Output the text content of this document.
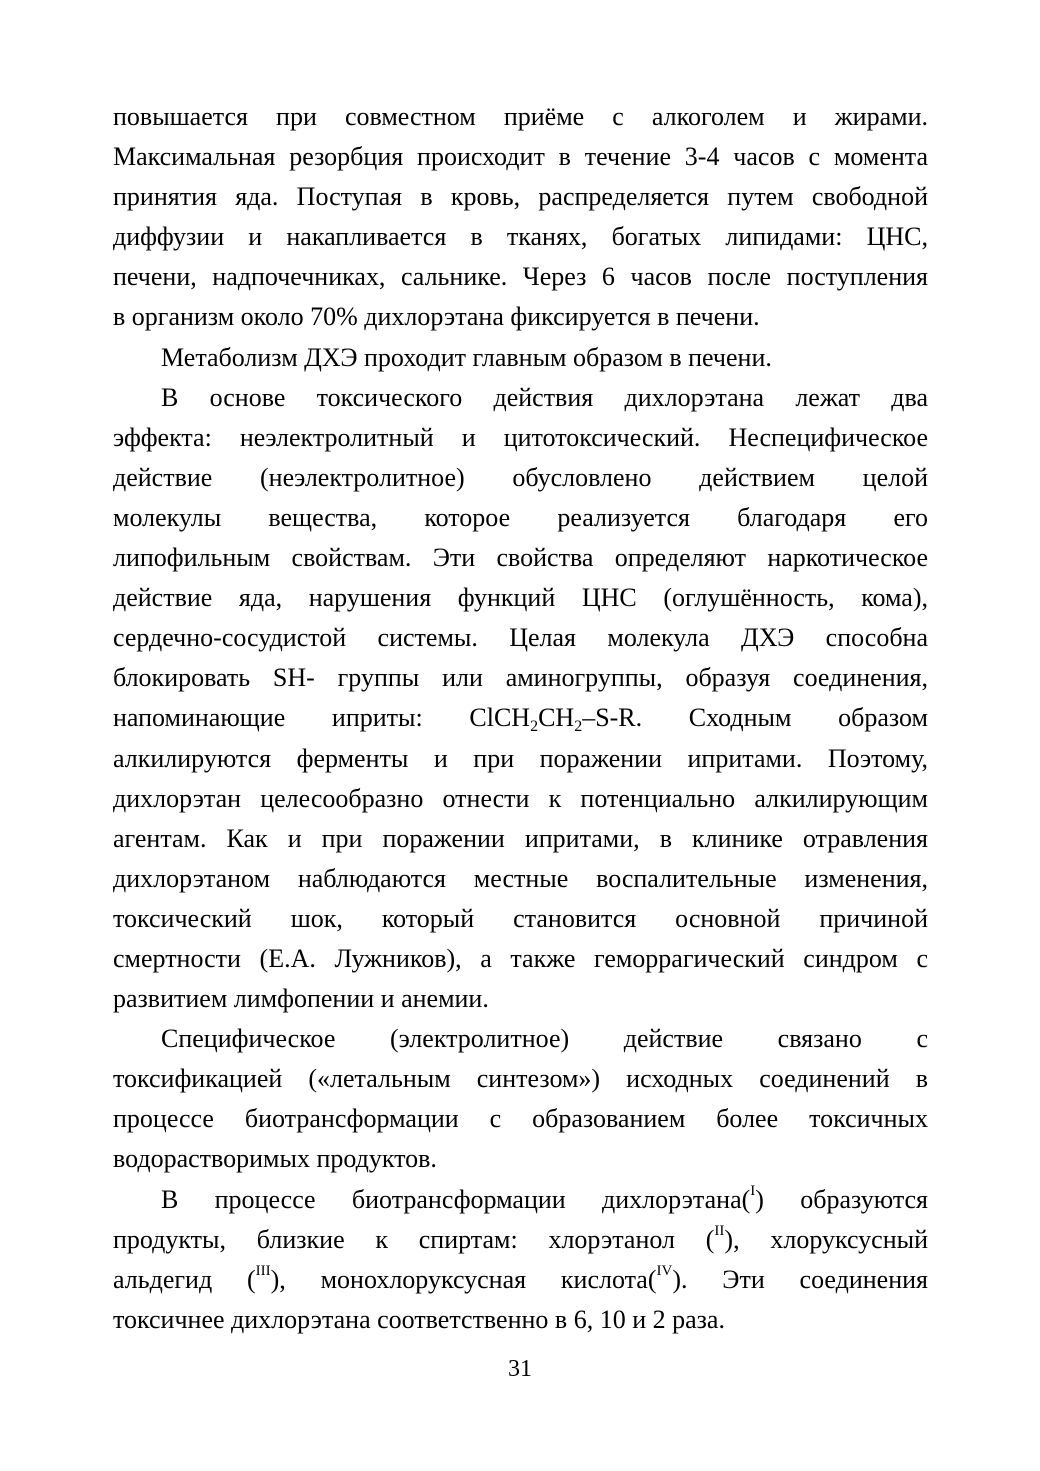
повышается при совместном приёме с алкоголем и жирами.
Максимальная резорбция происходит в течение 3-4 часов с момента
принятия яда. Поступая в кровь, распределяется путем свободной
диффузии и накапливается в тканях, богатых липидами: ЦНС,
печени, надпочечниках, сальнике. Через 6 часов после поступления
в организм около 70% дихлорэтана фиксируется в печени.

Метаболизм ДХЭ проходит главным образом в печени.

В основе токсического действия дихлорэтана лежат два
эффекта: неэлектролитный и цитотоксический. Неспецифическое
действие (неэлектролитное) обусловлено действием целой
молекулы вещества, которое реализуется благодаря его
липофильным свойствам. Эти свойства определяют наркотическое
действие яда, нарушения функций ЦНС (оглушённость, кома),
сердечно-сосудистой системы. Целая молекула ДХЭ способна
блокировать SH- группы или аминогруппы, образуя соединения,
напоминающие иприты: $ClCH_2CH_2-S-R$. Сходным образом
алкилируются ферменты и при поражении ипритами. Поэтому,
дихлорэтан целесообразно отнести к потенциально алкилирующим
агентам. Как и при поражении ипритами, в клинике отравления
дихлорэтаном наблюдаются местные воспалительные изменения,
токсический шок, который становится основной причиной
смертности (Е.А. Лужников), а также геморрагический синдром с
развитием лимфопении и анемии.

Специфическое (электролитное) действие связано с
токсификацией («летальным синтезом») исходных соединений в
процессе биотрансформации с образованием более токсичных
водорастворимых продуктов.

В процессе биотрансформации дихлорэтана($^I$) образуются
продукты, близкие к спиртам: хлорэтанол ($^{II}$), хлоруксусный
альдегид ($^{III}$), монохлоруксусная кислота($^{IV}$). Эти соединения
токсичнее дихлорэтана соответственно в 6, 10 и 2 раза.

31
